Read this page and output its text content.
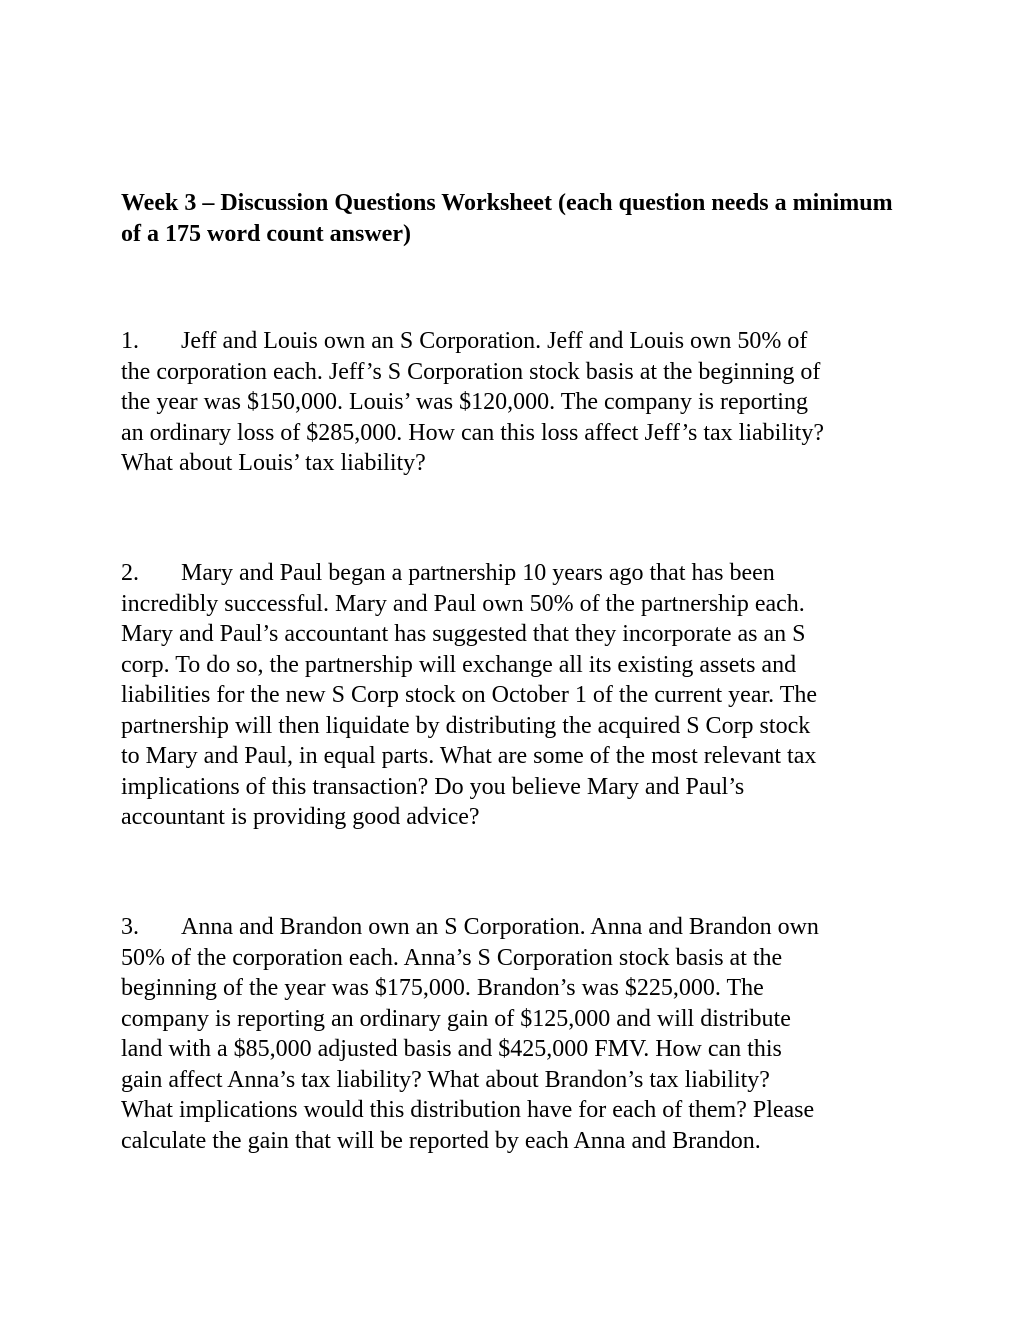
Week 3 – Discussion Questions Worksheet (each question needs a minimum of a 175 word count answer)

1. Jeff and Louis own an S Corporation. Jeff and Louis own 50% of
the corporation each. Jeff’s S Corporation stock basis at the beginning of
the year was $150,000. Louis’ was $120,000. The company is reporting
an ordinary loss of $285,000. How can this loss affect Jeff’s tax liability?
What about Louis’ tax liability?

2. Mary and Paul began a partnership 10 years ago that has been
incredibly successful. Mary and Paul own 50% of the partnership each.
Mary and Paul’s accountant has suggested that they incorporate as an S
corp. To do so, the partnership will exchange all its existing assets and
liabilities for the new S Corp stock on October 1 of the current year. The
partnership will then liquidate by distributing the acquired S Corp stock
to Mary and Paul, in equal parts. What are some of the most relevant tax
implications of this transaction? Do you believe Mary and Paul’s
accountant is providing good advice?

3. Anna and Brandon own an S Corporation. Anna and Brandon own
50% of the corporation each. Anna’s S Corporation stock basis at the
beginning of the year was $175,000. Brandon’s was $225,000. The
company is reporting an ordinary gain of $125,000 and will distribute
land with a $85,000 adjusted basis and $425,000 FMV. How can this
gain affect Anna’s tax liability? What about Brandon’s tax liability?
What implications would this distribution have for each of them? Please
calculate the gain that will be reported by each Anna and Brandon.
